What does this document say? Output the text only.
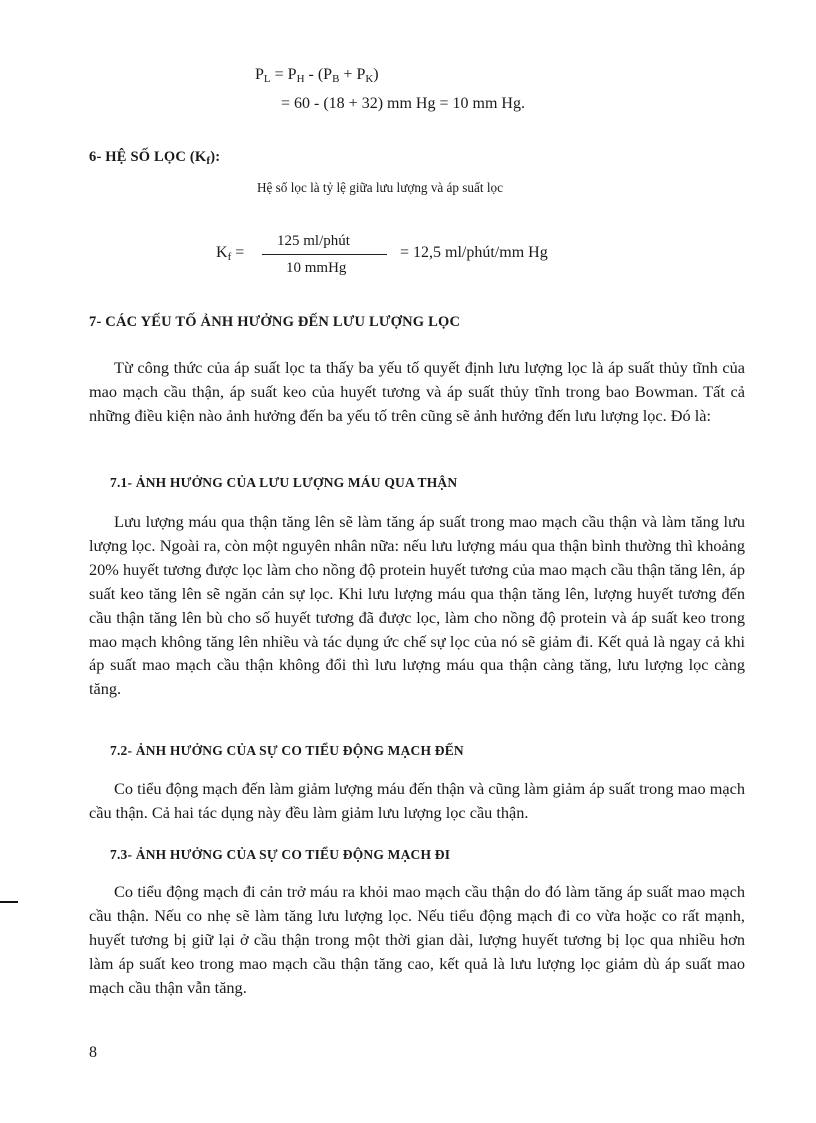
$P_L = P_H - (P_B + P_K)$
= 60 - (18 + 32) mm Hg = 10 mm Hg.
6- HỆ SỐ LỌC $(K_f)$:
Hệ số lọc là tỷ lệ giữa lưu lượng và áp suất lọc
$K_f$ =
125 ml/phút
10 mmHg
= 12,5 ml/phút/mm Hg
7- CÁC YẾU TỐ ẢNH HƯỞNG ĐẾN LƯU LƯỢNG LỌC
Từ công thức của áp suất lọc ta thấy ba yếu tố quyết định lưu lượng lọc là áp suất thủy tĩnh của mao mạch cầu thận, áp suất keo của huyết tương và áp suất thủy tĩnh trong bao Bowman. Tất cả những điều kiện nào ảnh hưởng đến ba yếu tố trên cũng sẽ ảnh hưởng đến lưu lượng lọc. Đó là:
7.1- ẢNH HƯỞNG CỦA LƯU LƯỢNG MÁU QUA THẬN
Lưu lượng máu qua thận tăng lên sẽ làm tăng áp suất trong mao mạch cầu thận và làm tăng lưu lượng lọc. Ngoài ra, còn một nguyên nhân nữa: nếu lưu lượng máu qua thận bình thường thì khoảng 20% huyết tương được lọc làm cho nồng độ protein huyết tương của mao mạch cầu thận tăng lên, áp suất keo tăng lên sẽ ngăn cản sự lọc. Khi lưu lượng máu qua thận tăng lên, lượng huyết tương đến cầu thận tăng lên bù cho số huyết tương đã được lọc, làm cho nồng độ protein và áp suất keo trong mao mạch không tăng lên nhiều và tác dụng ức chế sự lọc của nó sẽ giảm đi. Kết quả là ngay cả khi áp suất mao mạch cầu thận không đổi thì lưu lượng máu qua thận càng tăng, lưu lượng lọc càng tăng.
7.2- ẢNH HƯỞNG CỦA SỰ CO TIỂU ĐỘNG MẠCH ĐẾN
Co tiểu động mạch đến làm giảm lượng máu đến thận và cũng làm giảm áp suất trong mao mạch cầu thận. Cả hai tác dụng này đều làm giảm lưu lượng lọc cầu thận.
7.3- ẢNH HƯỞNG CỦA SỰ CO TIỂU ĐỘNG MẠCH ĐI
Co tiểu động mạch đi cản trở máu ra khỏi mao mạch cầu thận do đó làm tăng áp suất mao mạch cầu thận. Nếu co nhẹ sẽ làm tăng lưu lượng lọc. Nếu tiểu động mạch đi co vừa hoặc co rất mạnh, huyết tương bị giữ lại ở cầu thận trong một thời gian dài, lượng huyết tương bị lọc qua nhiều hơn làm áp suất keo trong mao mạch cầu thận tăng cao, kết quả là lưu lượng lọc giảm dù áp suất mao mạch cầu thận vẫn tăng.
8
